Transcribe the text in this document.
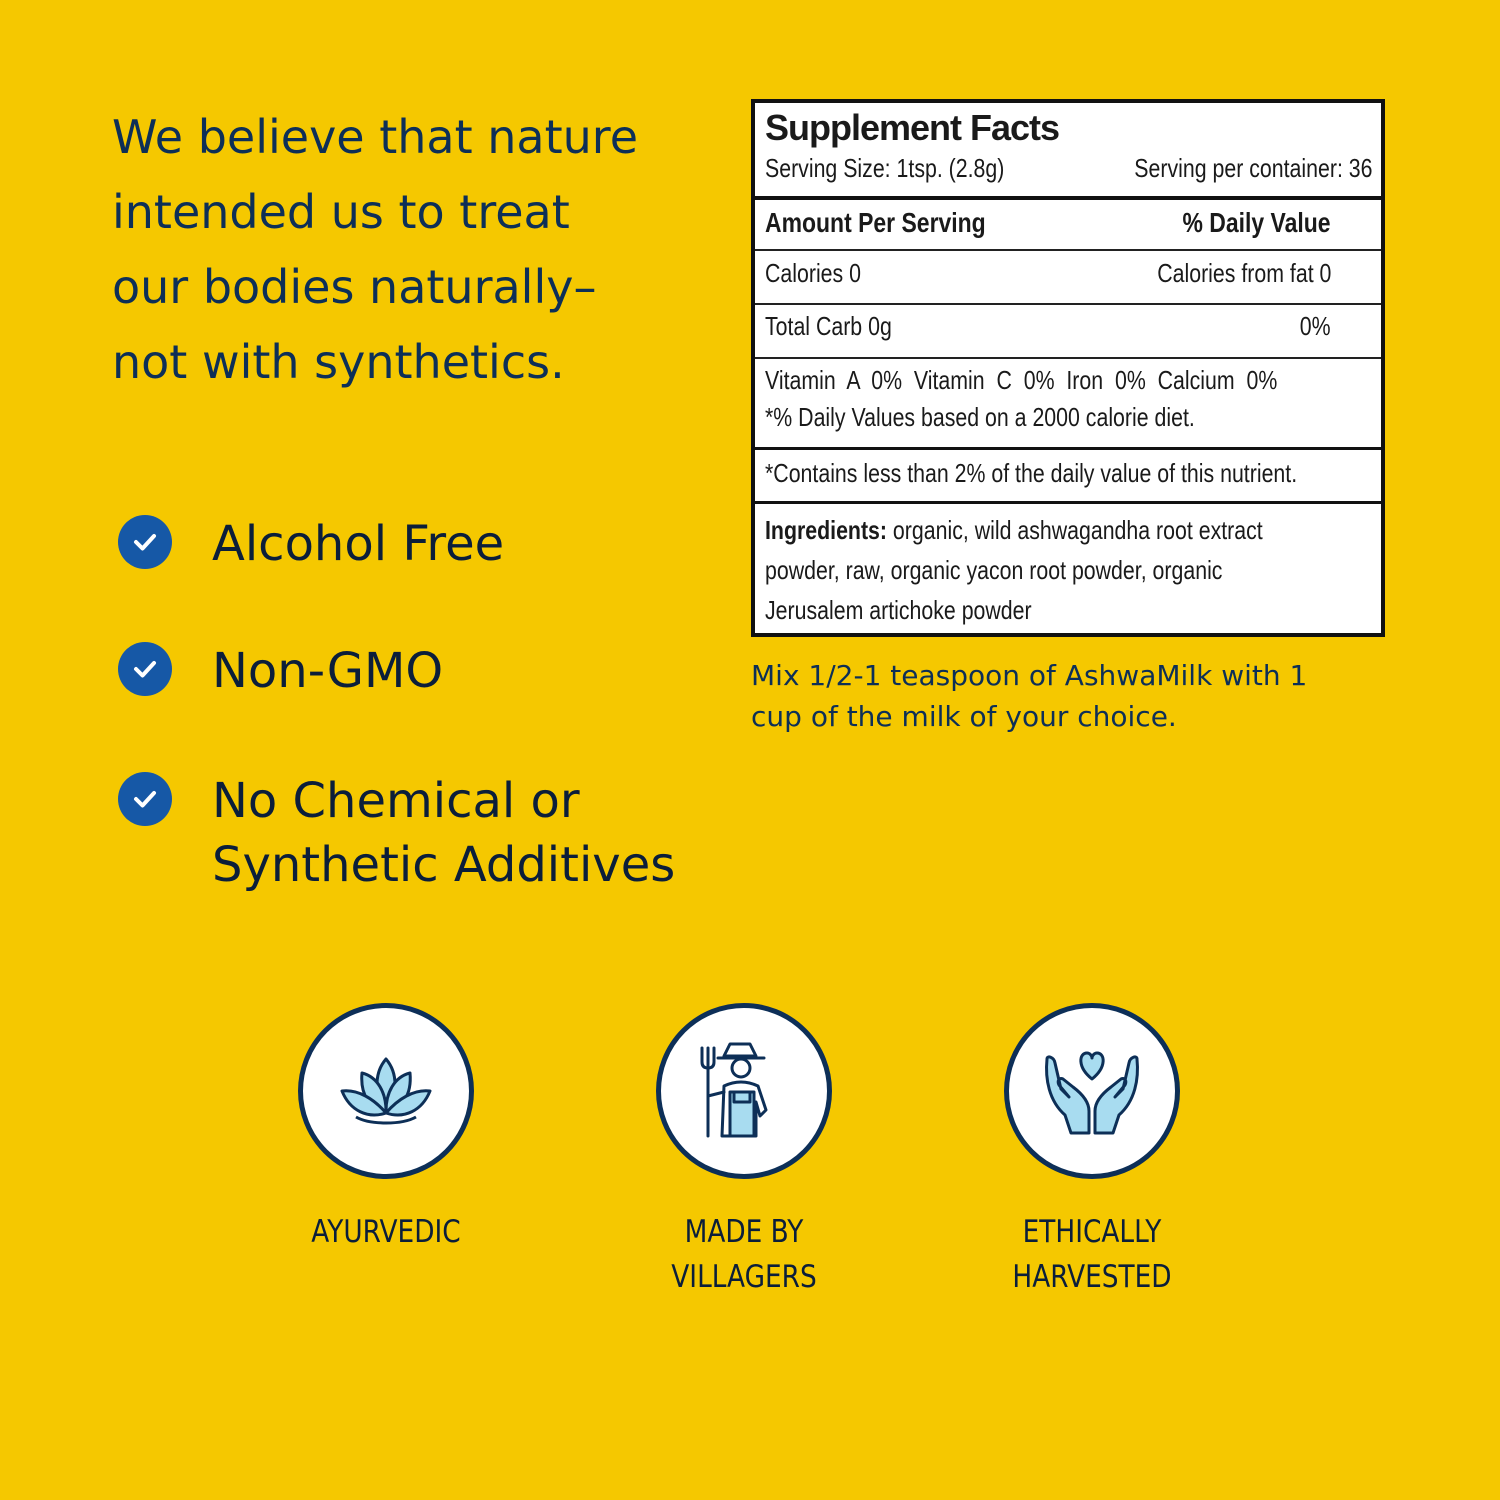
We believe that nature
intended us to treat
our bodies naturally–
not with synthetics.
Alcohol Free
Non-GMO
No Chemical or
Synthetic Additives
Supplement Facts
Serving Size: 1tsp. (2.8g)	Serving per container: 36
Amount Per Serving	% Daily Value
Calories 0	Calories from fat 0
Total Carb 0g	0%
Vitamin  A  0%  Vitamin  C  0%  Iron  0%  Calcium  0%
*% Daily Values based on a 2000 calorie diet.
*Contains less than 2% of the daily value of this nutrient.
Ingredients: organic, wild ashwagandha root extract
powder, raw, organic yacon root powder, organic
Jerusalem artichoke powder
Mix 1/2-1 teaspoon of AshwaMilk with 1
cup of the milk of your choice.
AYURVEDIC	MADE BY
VILLAGERS
ETHICALLY
HARVESTED
